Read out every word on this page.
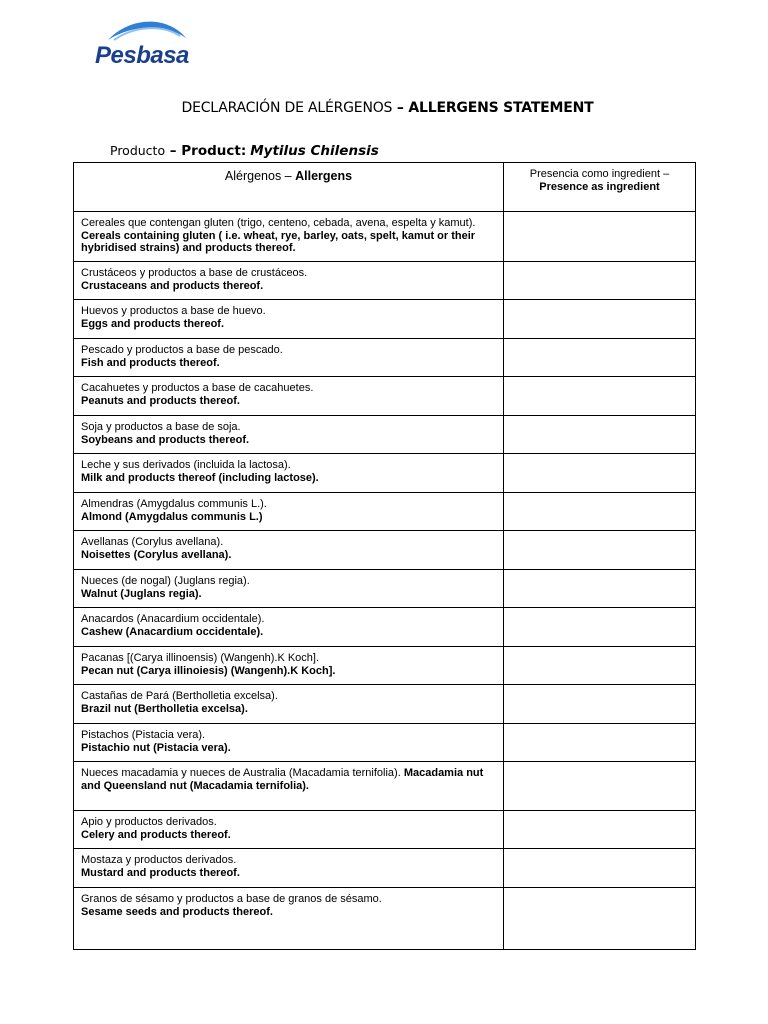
Pesbasa
DECLARACIÓN DE ALÉRGENOS – ALLERGENS STATEMENT
Producto – Product: Mytilus Chilensis
Alérgenos – Allergens	Presencia como ingredient – Presence as ingredient

Cereales que contengan gluten (trigo, centeno, cebada, avena, espelta y kamut). Cereals containing gluten ( i.e. wheat, rye, barley, oats, spelt, kamut or their hybridised strains) and products thereof.	

Crustáceos y productos a base de crustáceos.
Crustaceans and products thereof.	

Huevos y productos a base de huevo.
Eggs and products thereof.	

Pescado y productos a base de pescado.
Fish and products thereof.	

Cacahuetes y productos a base de cacahuetes.
Peanuts and products thereof.	

Soja y productos a base de soja.
Soybeans and products thereof.	

Leche y sus derivados (incluida la lactosa).
Milk and products thereof (including lactose).	

Almendras (Amygdalus communis L.).
Almond (Amygdalus communis L.)	

Avellanas (Corylus avellana).
Noisettes (Corylus avellana).	

Nueces (de nogal) (Juglans regia).
Walnut (Juglans regia).	

Anacardos (Anacardium occidentale).
Cashew (Anacardium occidentale).	

Pacanas [(Carya illinoensis) (Wangenh).K Koch].
Pecan nut (Carya illinoiesis) (Wangenh).K Koch].	

Castañas de Pará (Bertholletia excelsa).
Brazil nut (Bertholletia excelsa).	

Pistachos (Pistacia vera).
Pistachio nut (Pistacia vera).	

Nueces macadamia y nueces de Australia (Macadamia ternifolia). Macadamia nut and Queensland nut (Macadamia ternifolia).	

Apio y productos derivados.
Celery and products thereof.	

Mostaza y productos derivados.
Mustard and products thereof.	

Granos de sésamo y productos a base de granos de sésamo.
Sesame seeds and products thereof.	
